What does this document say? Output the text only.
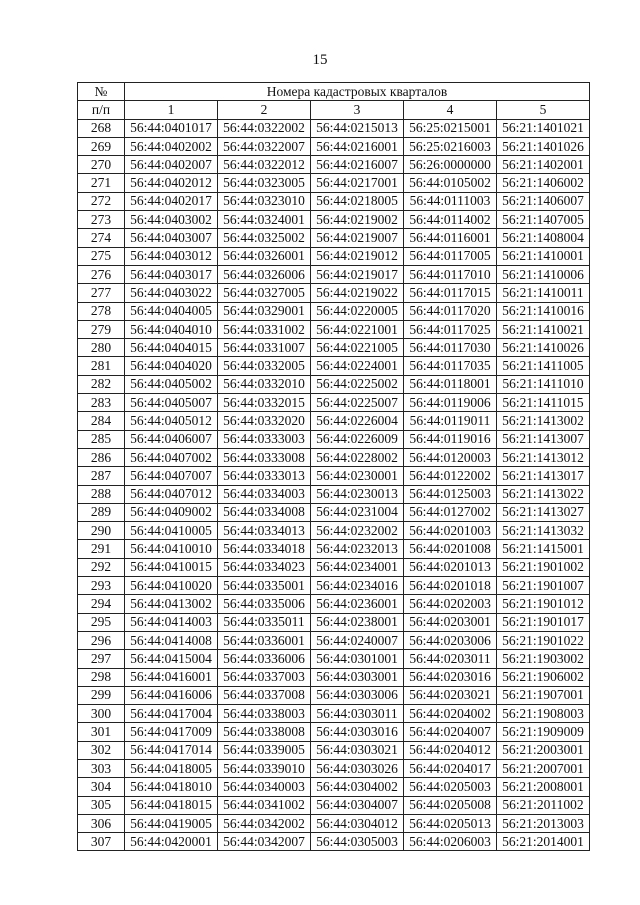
15
№	Номера кадастровых кварталов				
п/п	1	2	3	4	5
268	56:44:0401017	56:44:0322002	56:44:0215013	56:25:0215001	56:21:1401021
269	56:44:0402002	56:44:0322007	56:44:0216001	56:25:0216003	56:21:1401026
270	56:44:0402007	56:44:0322012	56:44:0216007	56:26:0000000	56:21:1402001
271	56:44:0402012	56:44:0323005	56:44:0217001	56:44:0105002	56:21:1406002
272	56:44:0402017	56:44:0323010	56:44:0218005	56:44:0111003	56:21:1406007
273	56:44:0403002	56:44:0324001	56:44:0219002	56:44:0114002	56:21:1407005
274	56:44:0403007	56:44:0325002	56:44:0219007	56:44:0116001	56:21:1408004
275	56:44:0403012	56:44:0326001	56:44:0219012	56:44:0117005	56:21:1410001
276	56:44:0403017	56:44:0326006	56:44:0219017	56:44:0117010	56:21:1410006
277	56:44:0403022	56:44:0327005	56:44:0219022	56:44:0117015	56:21:1410011
278	56:44:0404005	56:44:0329001	56:44:0220005	56:44:0117020	56:21:1410016
279	56:44:0404010	56:44:0331002	56:44:0221001	56:44:0117025	56:21:1410021
280	56:44:0404015	56:44:0331007	56:44:0221005	56:44:0117030	56:21:1410026
281	56:44:0404020	56:44:0332005	56:44:0224001	56:44:0117035	56:21:1411005
282	56:44:0405002	56:44:0332010	56:44:0225002	56:44:0118001	56:21:1411010
283	56:44:0405007	56:44:0332015	56:44:0225007	56:44:0119006	56:21:1411015
284	56:44:0405012	56:44:0332020	56:44:0226004	56:44:0119011	56:21:1413002
285	56:44:0406007	56:44:0333003	56:44:0226009	56:44:0119016	56:21:1413007
286	56:44:0407002	56:44:0333008	56:44:0228002	56:44:0120003	56:21:1413012
287	56:44:0407007	56:44:0333013	56:44:0230001	56:44:0122002	56:21:1413017
288	56:44:0407012	56:44:0334003	56:44:0230013	56:44:0125003	56:21:1413022
289	56:44:0409002	56:44:0334008	56:44:0231004	56:44:0127002	56:21:1413027
290	56:44:0410005	56:44:0334013	56:44:0232002	56:44:0201003	56:21:1413032
291	56:44:0410010	56:44:0334018	56:44:0232013	56:44:0201008	56:21:1415001
292	56:44:0410015	56:44:0334023	56:44:0234001	56:44:0201013	56:21:1901002
293	56:44:0410020	56:44:0335001	56:44:0234016	56:44:0201018	56:21:1901007
294	56:44:0413002	56:44:0335006	56:44:0236001	56:44:0202003	56:21:1901012
295	56:44:0414003	56:44:0335011	56:44:0238001	56:44:0203001	56:21:1901017
296	56:44:0414008	56:44:0336001	56:44:0240007	56:44:0203006	56:21:1901022
297	56:44:0415004	56:44:0336006	56:44:0301001	56:44:0203011	56:21:1903002
298	56:44:0416001	56:44:0337003	56:44:0303001	56:44:0203016	56:21:1906002
299	56:44:0416006	56:44:0337008	56:44:0303006	56:44:0203021	56:21:1907001
300	56:44:0417004	56:44:0338003	56:44:0303011	56:44:0204002	56:21:1908003
301	56:44:0417009	56:44:0338008	56:44:0303016	56:44:0204007	56:21:1909009
302	56:44:0417014	56:44:0339005	56:44:0303021	56:44:0204012	56:21:2003001
303	56:44:0418005	56:44:0339010	56:44:0303026	56:44:0204017	56:21:2007001
304	56:44:0418010	56:44:0340003	56:44:0304002	56:44:0205003	56:21:2008001
305	56:44:0418015	56:44:0341002	56:44:0304007	56:44:0205008	56:21:2011002
306	56:44:0419005	56:44:0342002	56:44:0304012	56:44:0205013	56:21:2013003
307	56:44:0420001	56:44:0342007	56:44:0305003	56:44:0206003	56:21:2014001
